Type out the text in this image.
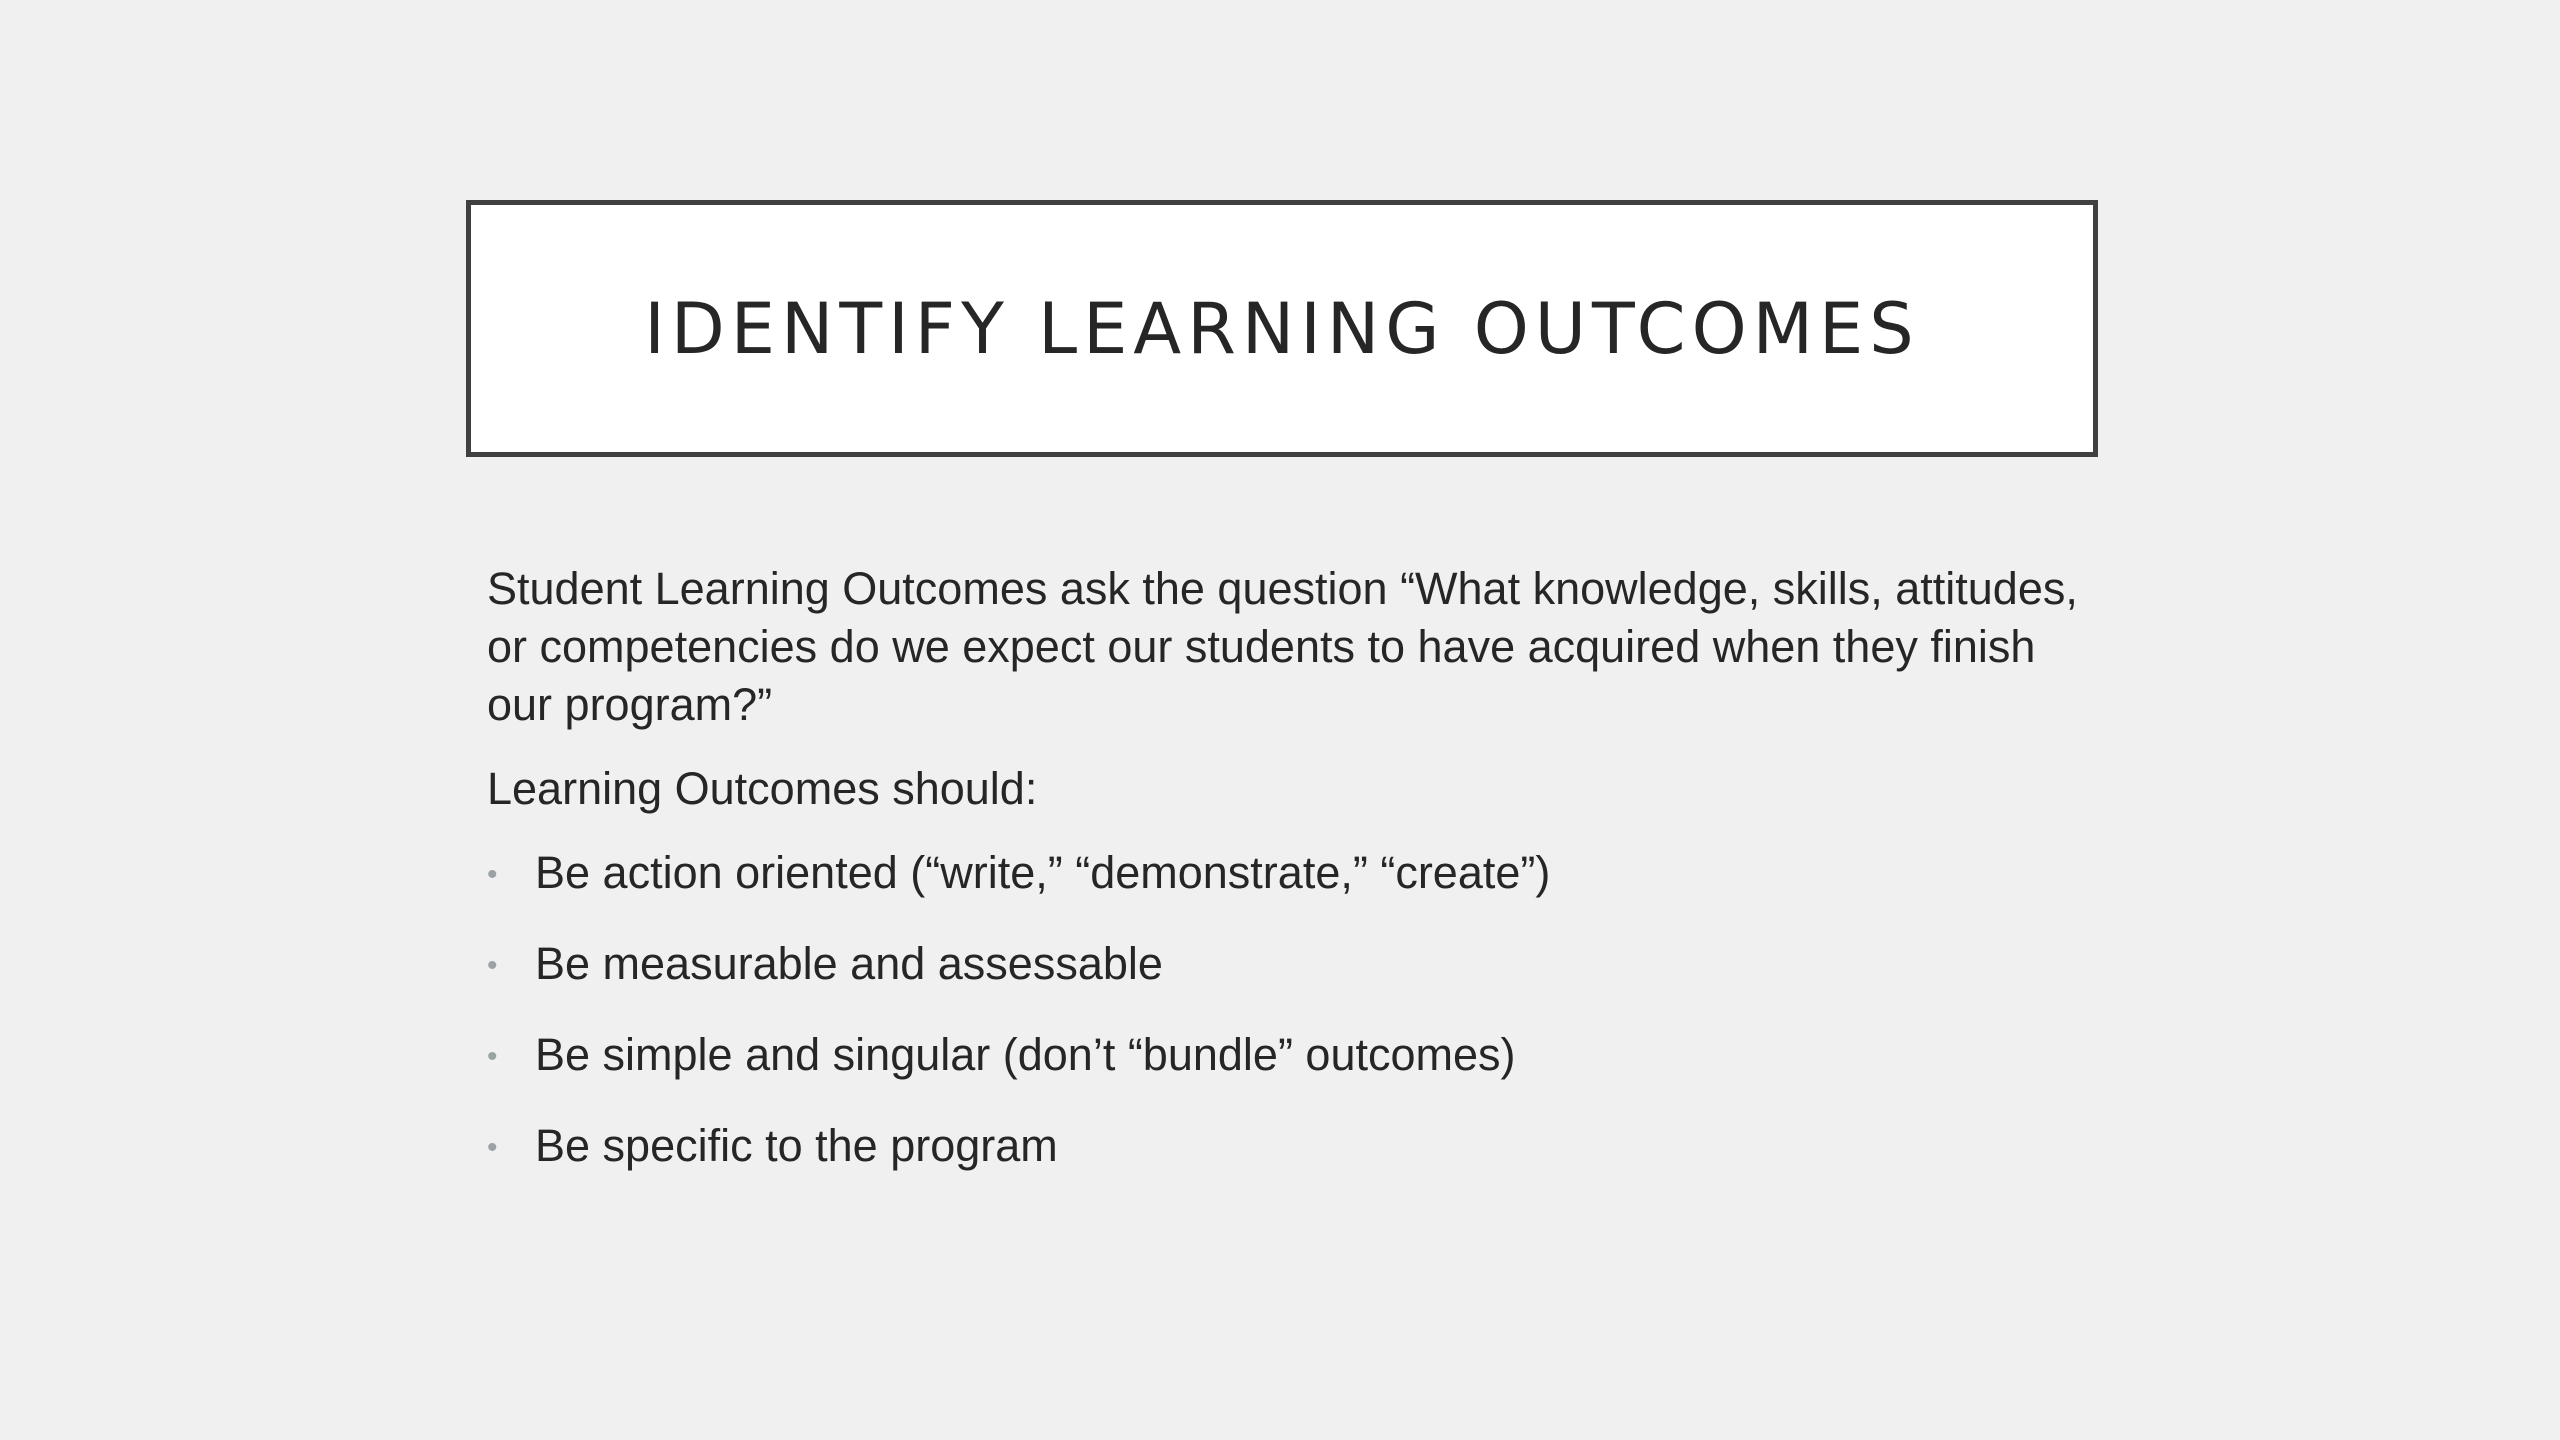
IDENTIFY LEARNING OUTCOMES

Student Learning Outcomes ask the question “What knowledge, skills, attitudes, or competencies do we expect our students to have acquired when they finish our program?”

Learning Outcomes should:

• Be action oriented (“write,” “demonstrate,” “create”)
• Be measurable and assessable
• Be simple and singular (don’t “bundle” outcomes)
• Be specific to the program
